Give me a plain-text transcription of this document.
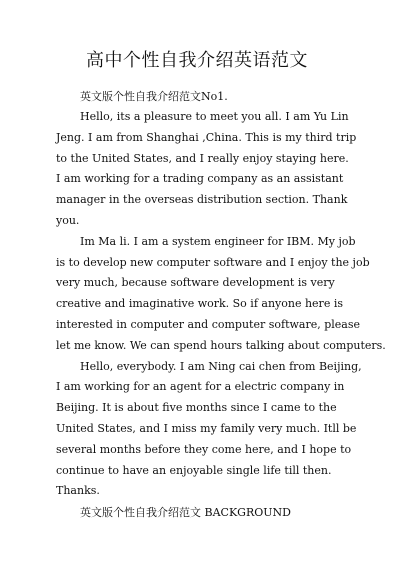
高中个性自我介绍英语范文
英文版个性自我介绍范文No1.

Hello, its a pleasure to meet you all. I am Yu Lin
Jeng. I am from Shanghai ,China. This is my third trip
to the United States, and I really enjoy staying here.
I am working for a trading company as an assistant
manager in the overseas distribution section. Thank
you.

Im Ma li. I am a system engineer for IBM. My job
is to develop new computer software and I enjoy the job
very much, because software development is very
creative and imaginative work. So if anyone here is
interested in computer and computer software, please
let me know. We can spend hours talking about computers.

Hello, everybody. I am Ning cai chen from Beijing,
I am working for an agent for a electric company in
Beijing. It is about five months since I came to the
United States, and I miss my family very much. Itll be
several months before they come here, and I hope to
continue to have an enjoyable single life till then.
Thanks.

英文版个性自我介绍范文 BACKGROUND
